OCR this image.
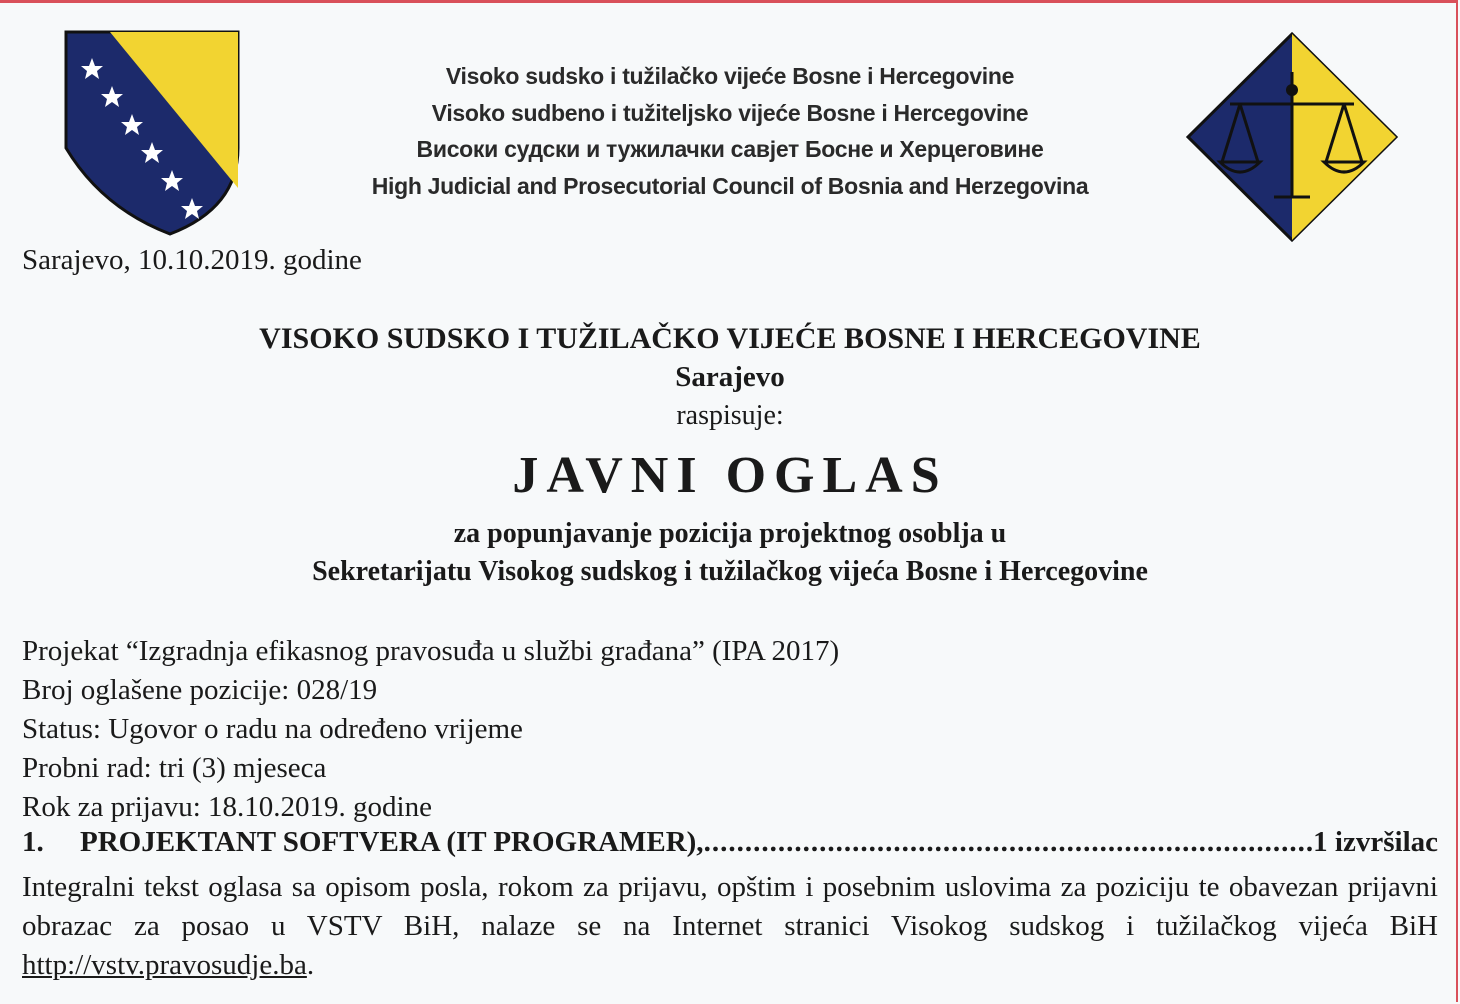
Visoko sudsko i tužilačko vijeće Bosne i Hercegovine
Visoko sudbeno i tužiteljsko vijeće Bosne i Hercegovine
Високи судски и тужилачки савјет Босне и Херцеговине
High Judicial and Prosecutorial Council of Bosnia and Herzegovina
Sarajevo, 10.10.2019. godine
VISOKO SUDSKO I TUŽILAČKO VIJEĆE BOSNE I HERCEGOVINE
Sarajevo
raspisuje:
JAVNI OGLAS
za popunjavanje pozicija projektnog osoblja u
Sekretarijatu Visokog sudskog i tužilačkog vijeća Bosne i Hercegovine
Projekat “Izgradnja efikasnog pravosuđa u službi građana” (IPA 2017)
Broj oglašene pozicije: 028/19
Status: Ugovor o radu na određeno vrijeme
Probni rad: tri (3) mjeseca
Rok za prijavu: 18.10.2019. godine
1.	PROJEKTANT SOFTVERA (IT PROGRAMER),
.....	1 izvršilac
Integralni tekst oglasa sa opisom posla, rokom za prijavu, opštim i posebnim uslovima za poziciju te obavezan prijavni obrazac za posao u VSTV BiH, nalaze se na Internet stranici Visokog sudskog i tužilačkog vijeća BiH http://vstv.pravosudje.ba.
